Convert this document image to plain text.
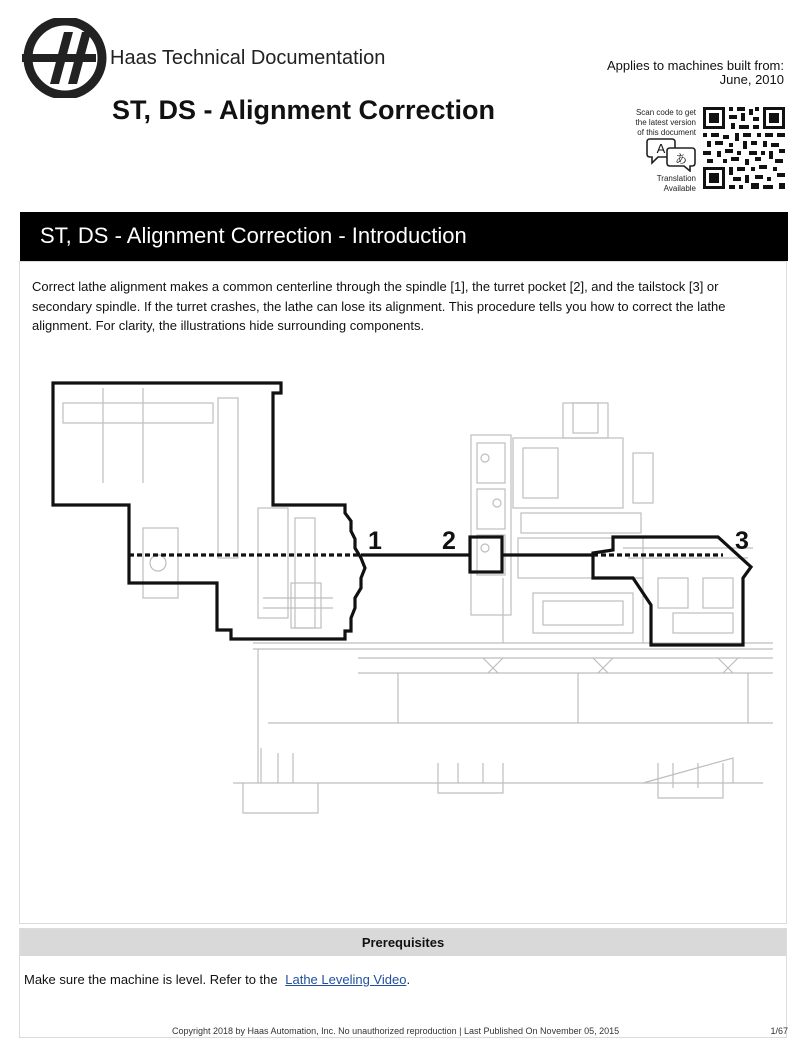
Haas Technical Documentation
ST, DS - Alignment Correction
Applies to machines built from:
June, 2010
Scan code to get
the latest version
of this document
A
あ
Translation
Available
ST, DS - Alignment Correction - Introduction
Correct lathe alignment makes a common centerline through the spindle [1], the turret pocket [2], and the tailstock [3] or secondary spindle. If the turret crashes, the lathe can lose its alignment. This procedure tells you how to correct the lathe alignment. For clarity, the illustrations hide surrounding components.
1 2	3
Prerequisites
Make sure the machine is level. Refer to the Lathe Leveling Video.
Copyright 2018 by Haas Automation, Inc. No unauthorized reproduction | Last Published On November 05, 2015	1/67
